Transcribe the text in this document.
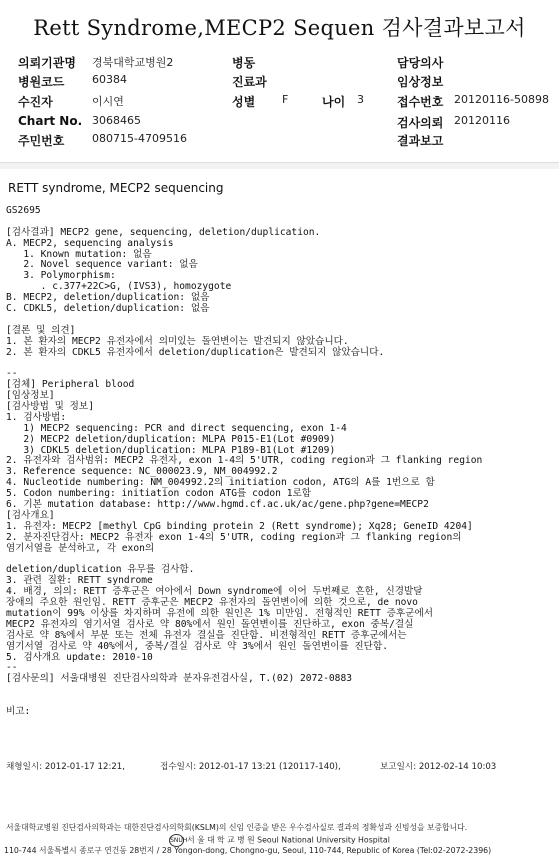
Rett Syndrome,MECP2 Sequen 검사결과보고서
의뢰기관명 경북대학교병원2	병동	담당의사
병원코드	60384	진료과	임상정보
수진자	이시연	성별 F	나이 3	접수번호 20120116-50898
Chart No. 3068465	검사의뢰 20120116
주민번호	080715-4709516	결과보고
RETT syndrome, MECP2 sequencing
GS2695
[검사결과] MECP2 gene, sequencing, deletion/duplication.
A. MECP2, sequencing analysis
1. Known mutation: 없음
2. Novel sequence variant: 없음
3. Polymorphism:
. c.377+22C>G, (IVS3), homozygote
B. MECP2, deletion/duplication: 없음
C. CDKL5, deletion/duplication: 없음
[결론 및 의견]
1. 본 환자의 MECP2 유전자에서 의미있는 돌연변이는 발견되지 않았습니다.
2. 본 환자의 CDKL5 유전자에서 deletion/duplication은 발견되지 않았습니다.
--
[검체] Peripheral blood
[임상정보]
[검사방법 및 정보]
1. 검사방법:
1) MECP2 sequencing: PCR and direct sequencing, exon 1-4
2) MECP2 deletion/duplication: MLPA P015-E1(Lot #0909)
3) CDKL5 deletion/duplication: MLPA P189-B1(Lot #1209)
2. 유전자와 검사범위: MECP2 유전자, exon 1-4의 5'UTR, coding region과 그 flanking region
3. Reference sequence: NC_000023.9, NM_004992.2
4. Nucleotide numbering: NM_004992.2의 initiation codon, ATG의 A를 1번으로 함
5. Codon numbering: initiation codon ATG를 codon 1로함
6. 기본 mutation database: http://www.hgmd.cf.ac.uk/ac/gene.php?gene=MECP2
[검사개요]
1. 유전자: MECP2 [methyl CpG binding protein 2 (Rett syndrome); Xq28; GeneID 4204]
2. 분자진단검사: MECP2 유전자 exon 1-4의 5'UTR, coding region과 그 flanking region의
염기서열을 분석하고, 각 exon의
deletion/duplication 유무를 검사함.
3. 관련 질환: RETT syndrome
4. 배경, 의의: RETT 증후군은 여아에서 Down syndrome에 이어 두번째로 흔한, 신경발달
장애의 주요한 원인임. RETT 증후군은 MECP2 유전자의 돌연변이에 의한 것으로, de novo
mutation이 99% 이상를 차지하며 유전에 의한 원인은 1% 미만임. 전형적인 RETT 증후군에서
MECP2 유전자의 염기서열 검사로 약 80%에서 원인 돌연변이를 진단하고, exon 중복/결실
검사로 약 8%에서 부분 또는 전체 유전자 결실을 진단함. 비전형적인 RETT 증후군에서는
염기서열 검사로 약 40%에서, 중복/결실 검사로 약 3%에서 원인 돌연변이를 진단함.
5. 검사개요 update: 2010-10
--
[검사문의] 서울대병원 진단검사의학과 분자유전검사실, T.(02) 2072-0883
비고:
채형일시: 2012-01-17 12:21,	접수일시: 2012-01-17 13:21 (120117-140),	보고일시: 2012-02-14 10:03
서울대학교병원 진단검사의학과는 대한진단검사의학회(KSLM)의 신임 인증을 받은 우수검사실로 결과의 정확성과 신빙성을 보증합니다.
SNUH서 울 대 학 교 병 원 Seoul National University Hospital
110-744 서울특별시 종로구 연건동 28번지 / 28 Yongon-dong, Chongno-gu, Seoul, 110-744, Republic of Korea (Tel:02-2072-2396)
